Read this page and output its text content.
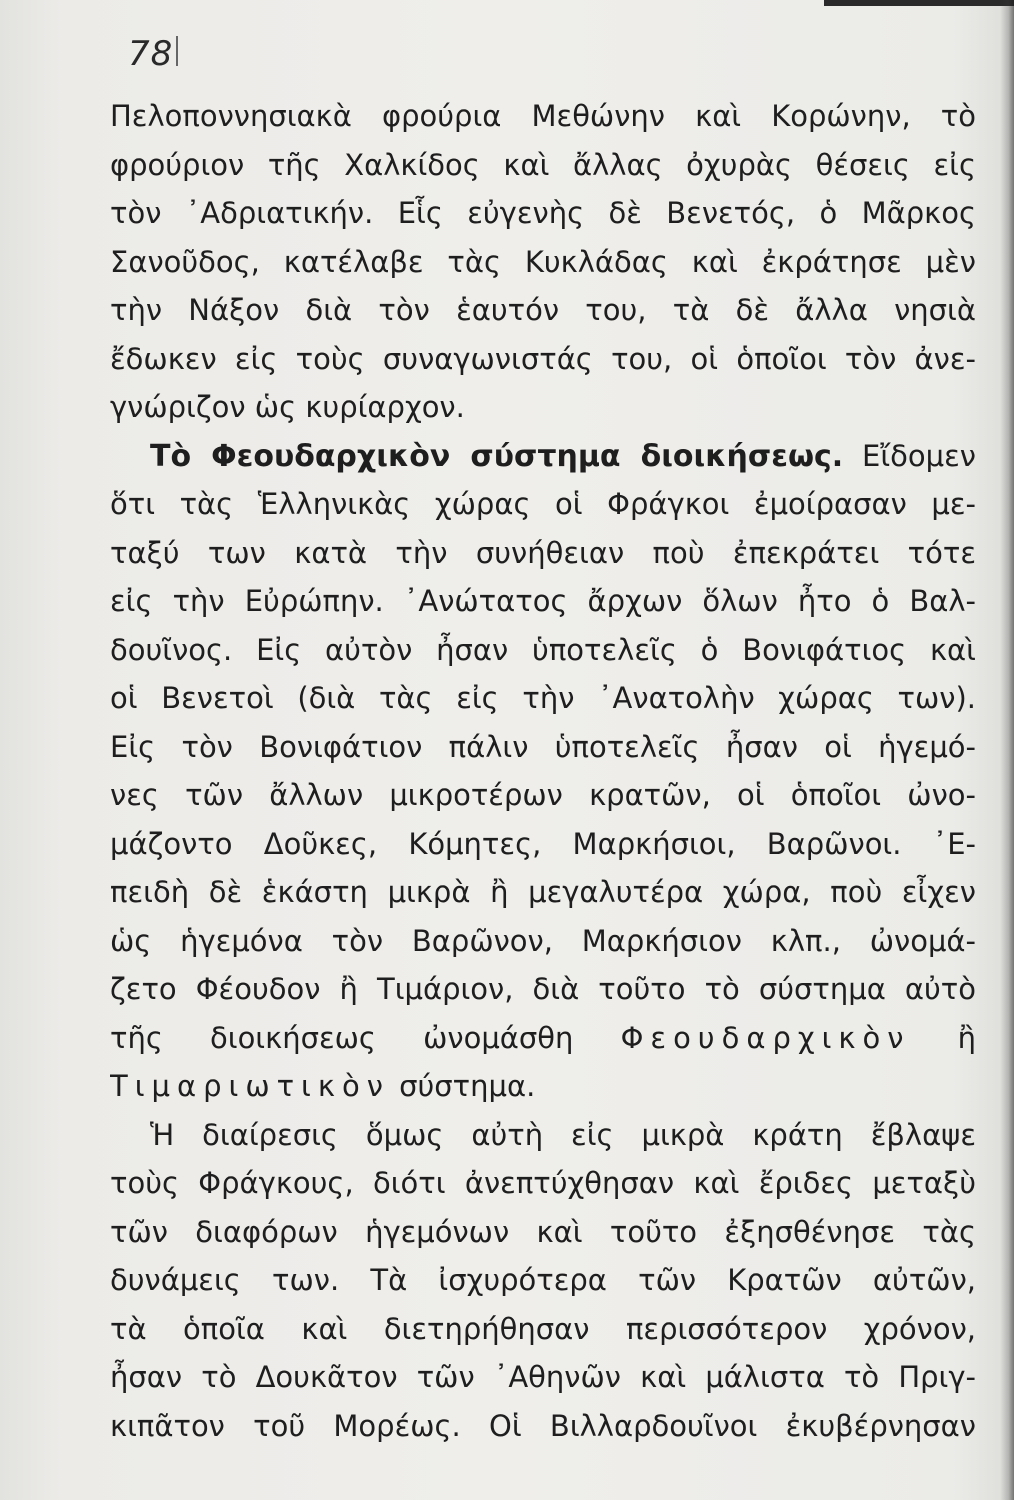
78
Πελοποννησιακὰ φρούρια Μεθώνην καὶ Κορώνην, τὸ
φρούριον τῆς Χαλκίδος καὶ ἄλλας ὀχυρὰς θέσεις εἰς
τὸν ᾿Αδριατικήν. Εἷς εὐγενὴς δὲ Βενετός, ὁ Μᾶρκος
Σανοῦδος, κατέλαβε τὰς Κυκλάδας καὶ ἐκράτησε μὲν
τὴν Νάξον διὰ τὸν ἑαυτόν του, τὰ δὲ ἄλλα νησιὰ
ἔδωκεν εἰς τοὺς συναγωνιστάς του, οἱ ὁποῖοι τὸν ἀνε-
γνώριζον ὡς κυρίαρχον.
Τὸ Φεουδαρχικὸν σύστημα διοικήσεως. Εἴδομεν
ὅτι τὰς Ἑλληνικὰς χώρας οἱ Φράγκοι ἐμοίρασαν με-
ταξύ των κατὰ τὴν συνήθειαν ποὺ ἐπεκράτει τότε
εἰς τὴν Εὐρώπην. ᾿Ανώτατος ἄρχων ὅλων ἦτο ὁ Βαλ-
δουῖνος. Εἰς αὐτὸν ἦσαν ὑποτελεῖς ὁ Βονιφάτιος καὶ
οἱ Βενετοὶ (διὰ τὰς εἰς τὴν ᾿Ανατολὴν χώρας των).
Εἰς τὸν Βονιφάτιον πάλιν ὑποτελεῖς ἦσαν οἱ ἡγεμό-
νες τῶν ἄλλων μικροτέρων κρατῶν, οἱ ὁποῖοι ὠνο-
μάζοντο Δοῦκες, Κόμητες, Μαρκήσιοι, Βαρῶνοι. ᾿Ε-
πειδὴ δὲ ἑκάστη μικρὰ ἢ μεγαλυτέρα χώρα, ποὺ εἶχεν
ὡς ἡγεμόνα τὸν Βαρῶνον, Μαρκήσιον κλπ., ὠνομά-
ζετο Φέουδον ἢ Τιμάριον, διὰ τοῦτο τὸ σύστημα αὐτὸ
τῆς διοικήσεως ὠνομάσθη Φεουδαρχικὸν ἢ
Τιμαριωτικὸν σύστημα.
Ἡ διαίρεσις ὅμως αὐτὴ εἰς μικρὰ κράτη ἔβλαψε
τοὺς Φράγκους, διότι ἀνεπτύχθησαν καὶ ἔριδες μεταξὺ
τῶν διαφόρων ἡγεμόνων καὶ τοῦτο ἐξησθένησε τὰς
δυνάμεις των. Τὰ ἰσχυρότερα τῶν Κρατῶν αὐτῶν,
τὰ ὁποῖα καὶ διετηρήθησαν περισσότερον χρόνον,
ἦσαν τὸ Δουκᾶτον τῶν ᾿Αθηνῶν καὶ μάλιστα τὸ Πριγ-
κιπᾶτον τοῦ Μορέως. Οἱ Βιλλαρδουῖνοι ἐκυβέρνησαν
